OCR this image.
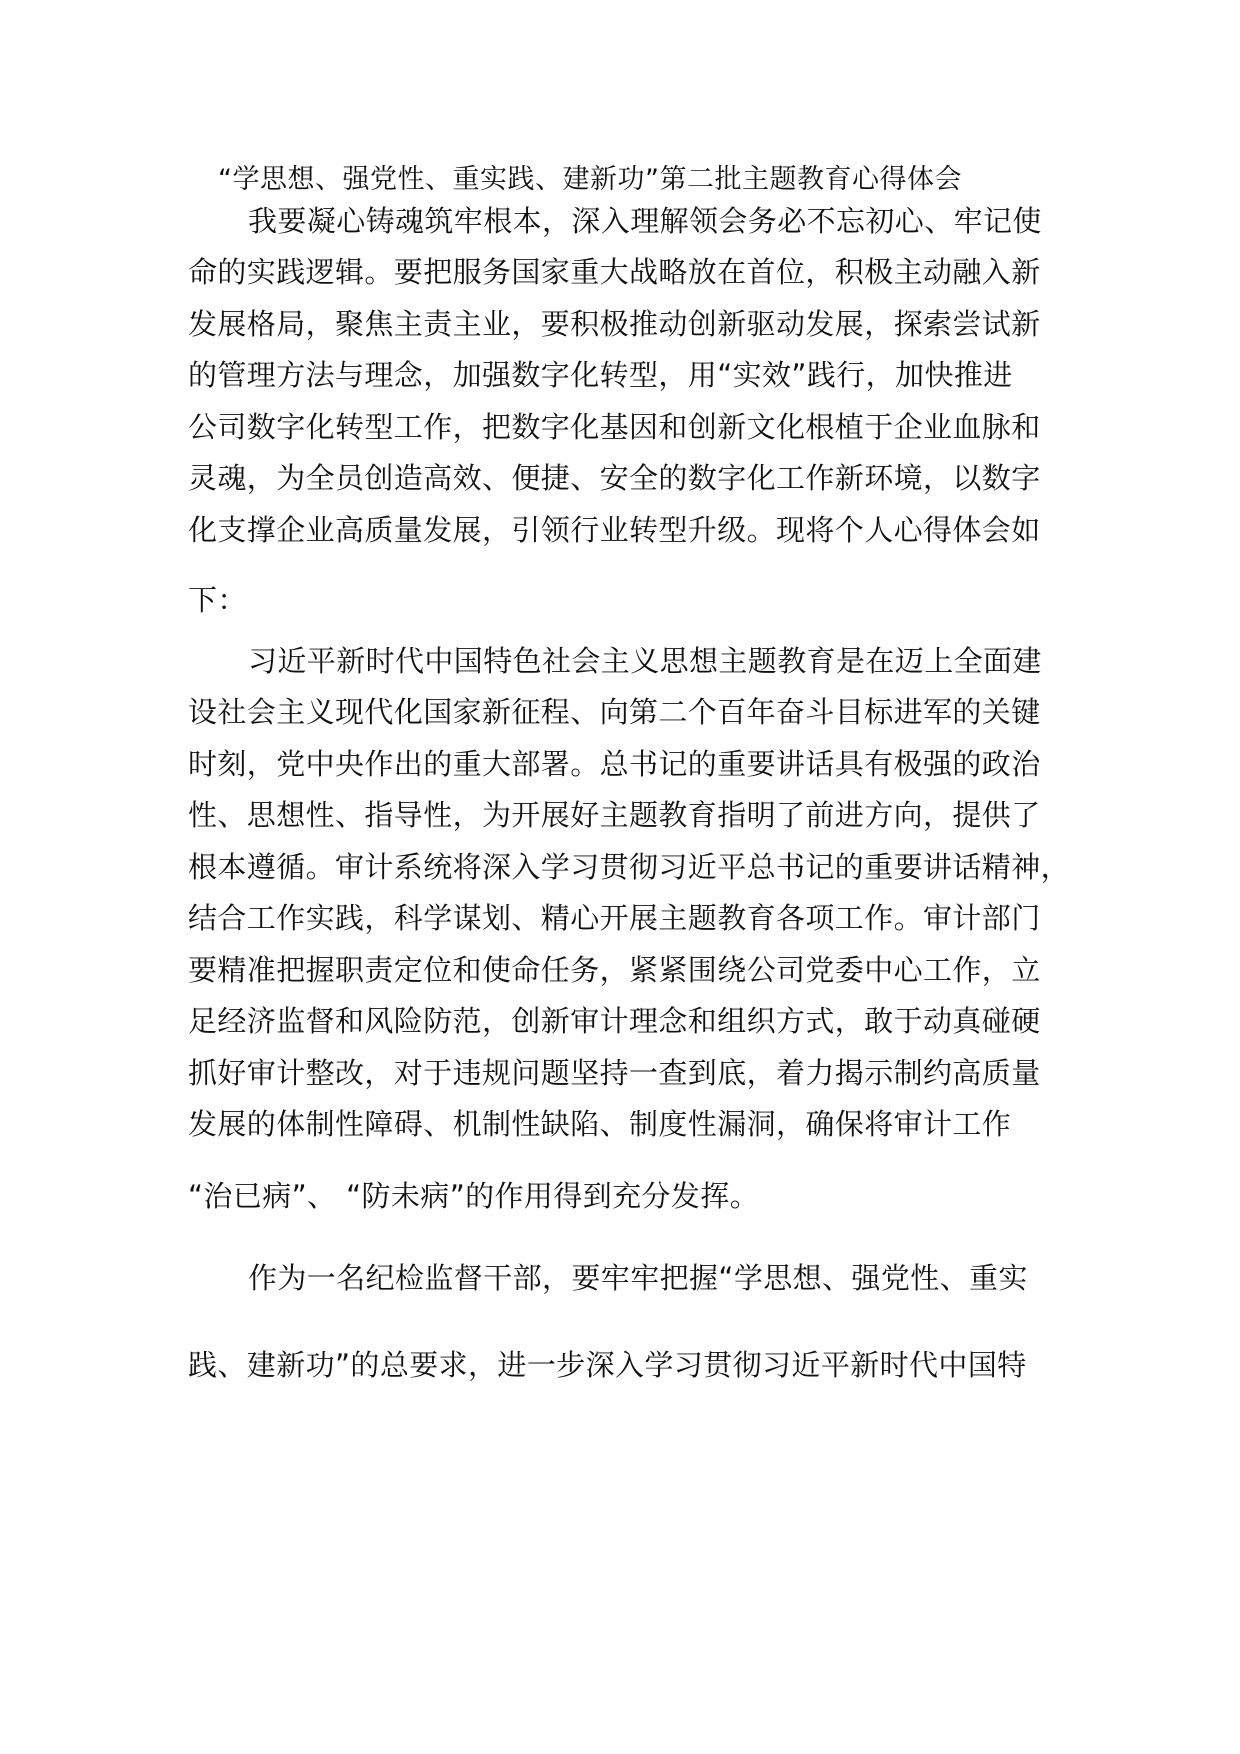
“学思想、强党性、重实践、建新功”第二批主题教育心得体会
我要凝心铸魂筑牢根本，深入理解领会务必不忘初心、牢记使
命的实践逻辑。要把服务国家重大战略放在首位，积极主动融入新
发展格局，聚焦主责主业，要积极推动创新驱动发展，探索尝试新
的管理方法与理念，加强数字化转型，用“实效”践行，加快推进
公司数字化转型工作，把数字化基因和创新文化根植于企业血脉和
灵魂，为全员创造高效、便捷、安全的数字化工作新环境，以数字
化支撑企业高质量发展，引领行业转型升级。现将个人心得体会如
下：
习近平新时代中国特色社会主义思想主题教育是在迈上全面建
设社会主义现代化国家新征程、向第二个百年奋斗目标进军的关键
时刻，党中央作出的重大部署。总书记的重要讲话具有极强的政治
性、思想性、指导性，为开展好主题教育指明了前进方向，提供了
根本遵循。审计系统将深入学习贯彻习近平总书记的重要讲话精神，
结合工作实践，科学谋划、精心开展主题教育各项工作。审计部门
要精准把握职责定位和使命任务，紧紧围绕公司党委中心工作，立
足经济监督和风险防范，创新审计理念和组织方式，敢于动真碰硬
抓好审计整改，对于违规问题坚持一查到底，着力揭示制约高质量
发展的体制性障碍、机制性缺陷、制度性漏洞，确保将审计工作
“治已病”、 “防未病”的作用得到充分发挥。
作为一名纪检监督干部，要牢牢把握“学思想、强党性、重实
践、建新功”的总要求，进一步深入学习贯彻习近平新时代中国特
